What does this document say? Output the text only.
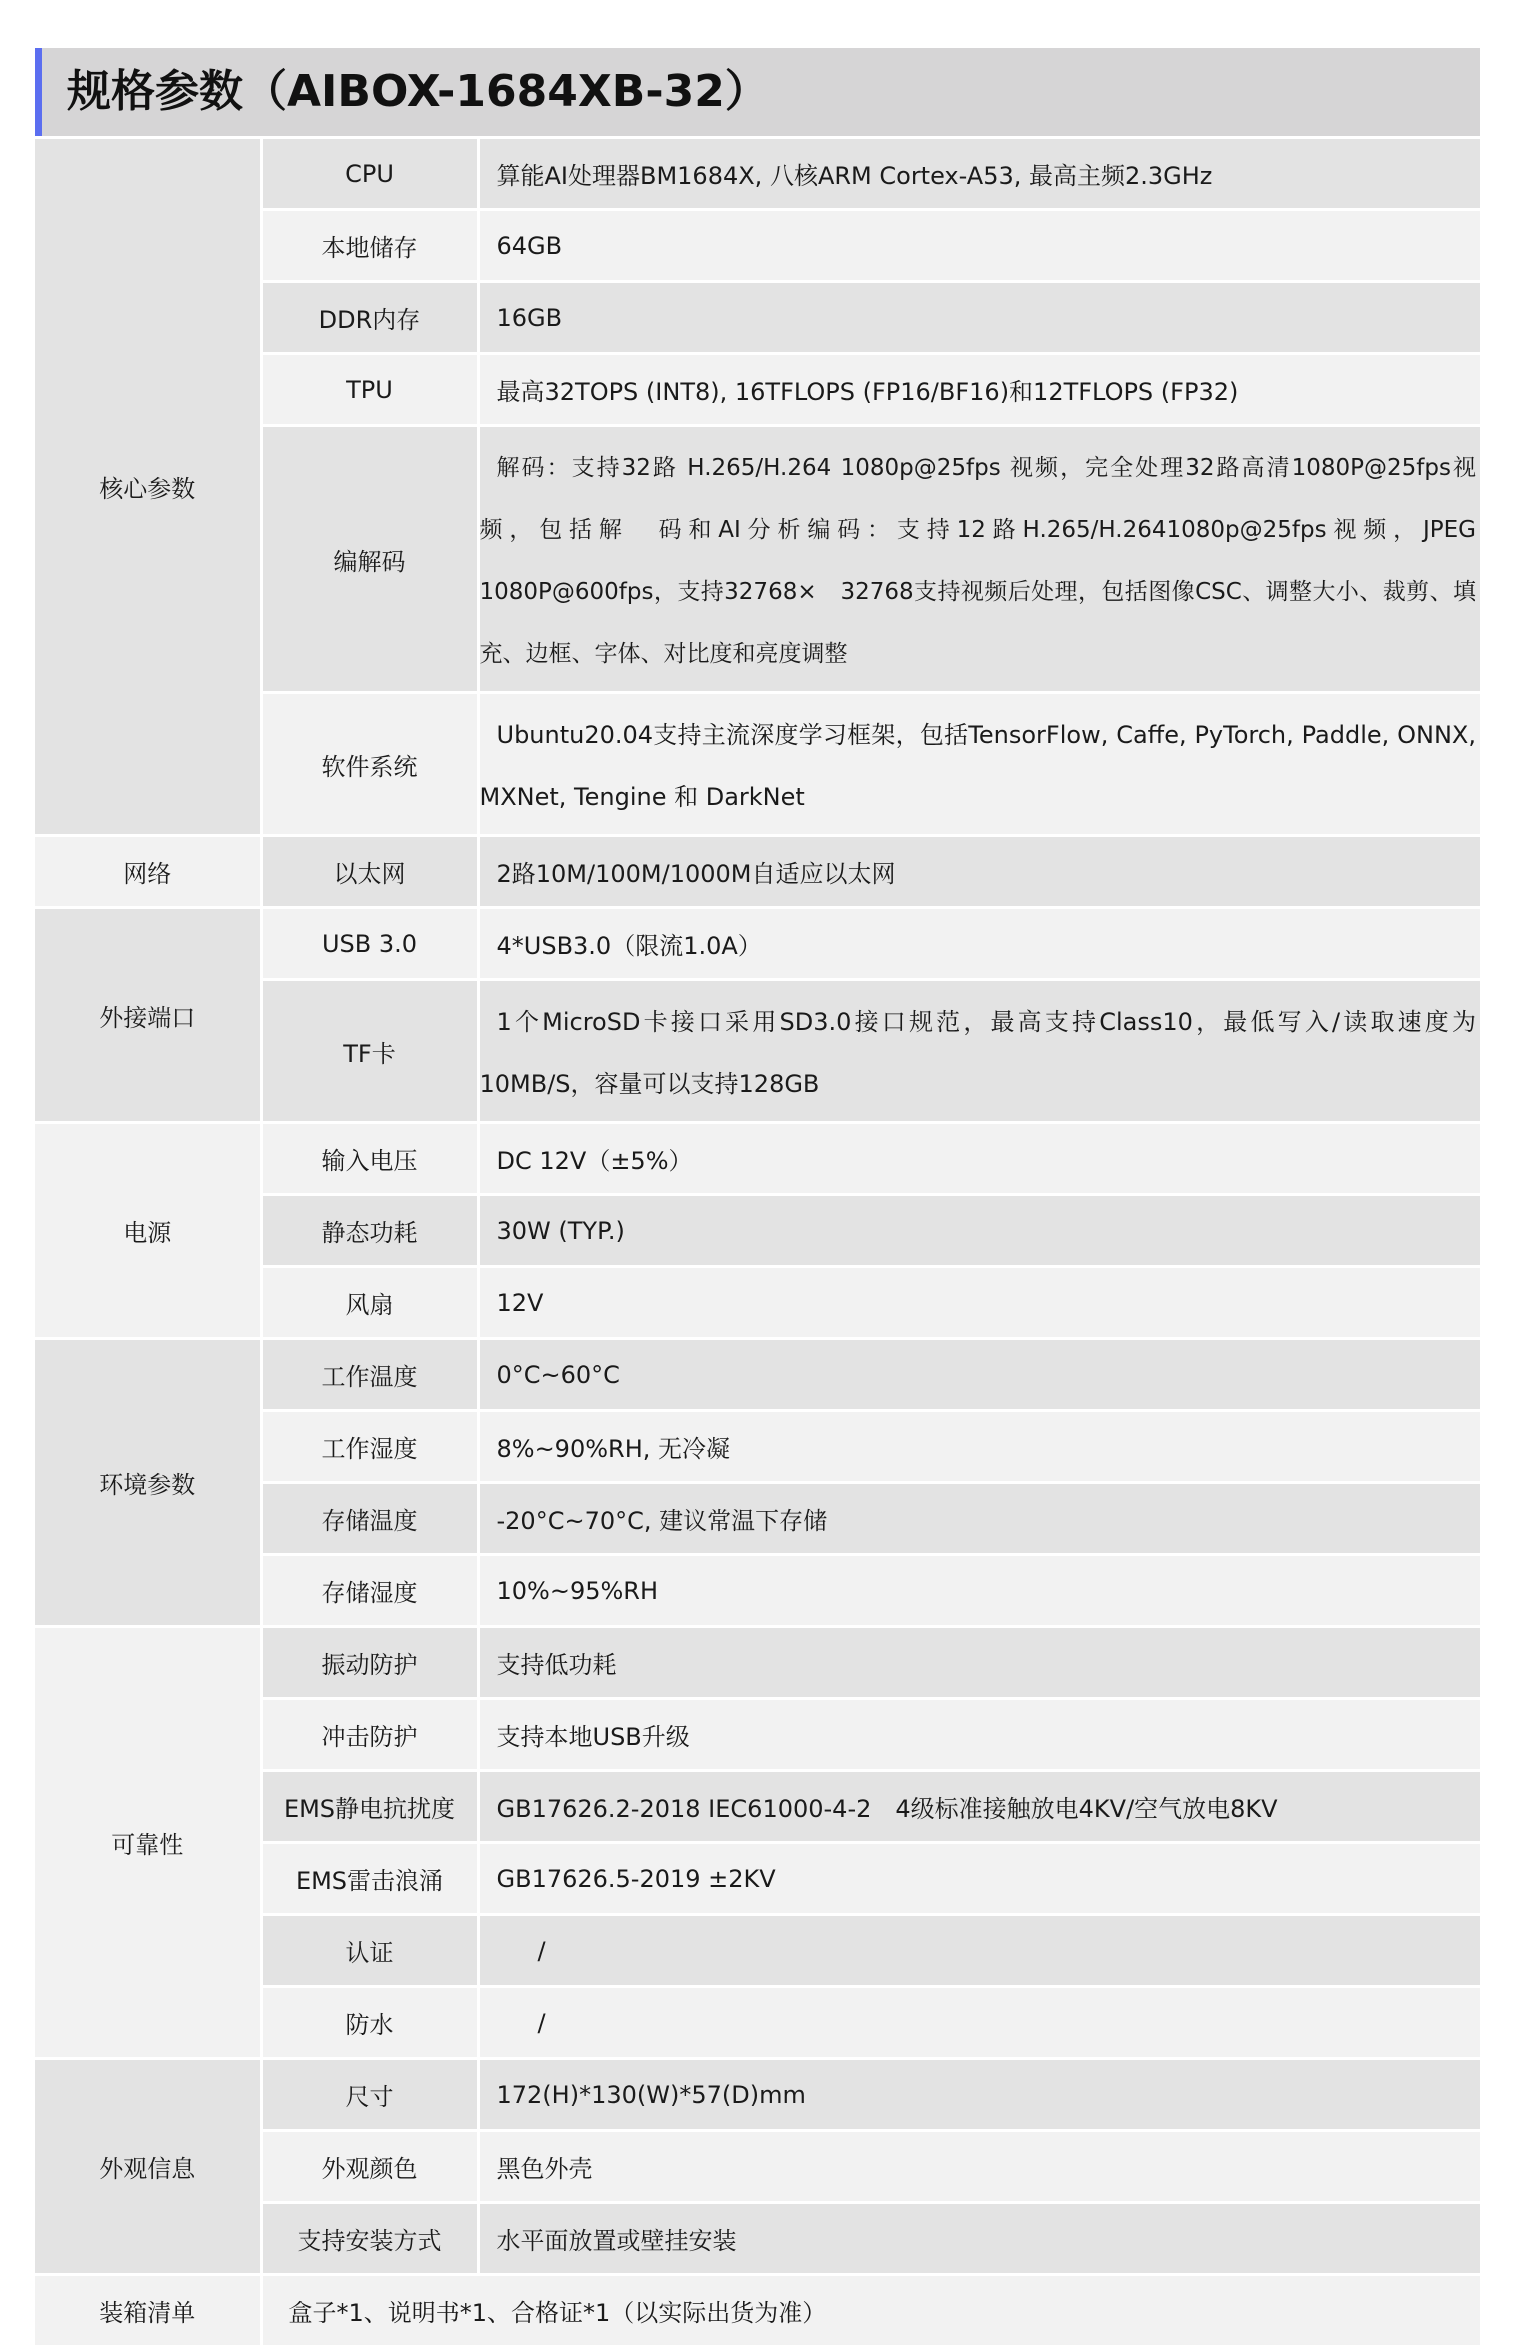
规格参数（AIBOX-1684XB-32）
核心参数	CPU	算能AI处理器BM1684X, 八核ARM Cortex-A53, 最高主频2.3GHz
	本地储存	64GB
	DDR内存	16GB
	TPU	最高32TOPS (INT8), 16TFLOPS (FP16/BF16)和12TFLOPS (FP32)
	编解码	解码：支持32路 H.265/H.264 1080p@25fps 视频，完全处理32路高清1080P@25fps视频，包括解　码和AI分析编码：支持12路H.265/H.2641080p@25fps视频，JPEG 1080P@600fps，支持32768×　32768支持视频后处理，包括图像CSC、调整大小、裁剪、填充、边框、字体、对比度和亮度调整
	软件系统	Ubuntu20.04支持主流深度学习框架，包括TensorFlow, Caffe, PyTorch, Paddle, ONNX, MXNet, Tengine 和 DarkNet
网络	以太网	2路10M/100M/1000M自适应以太网
外接端口	USB 3.0	4*USB3.0（限流1.0A）
	TF卡	1个MicroSD卡接口采用SD3.0接口规范，最高支持Class10，最低写入/读取速度为10MB/S，容量可以支持128GB
电源	输入电压	DC 12V（±5%）
	静态功耗	30W (TYP.)
	风扇	12V
环境参数	工作温度	0°C~60°C
	工作湿度	8%~90%RH, 无冷凝
	存储温度	-20°C~70°C, 建议常温下存储
	存储湿度	10%~95%RH
可靠性	振动防护	支持低功耗
	冲击防护	支持本地USB升级
	EMS静电抗扰度	GB17626.2-2018 IEC61000-4-2　4级标准接触放电4KV/空气放电8KV
	EMS雷击浪涌	GB17626.5-2019 ±2KV
	认证	/
	防水	/
外观信息	尺寸	172(H)*130(W)*57(D)mm
	外观颜色	黑色外壳
	支持安装方式	水平面放置或壁挂安装
装箱清单	盒子*1、说明书*1、合格证*1（以实际出货为准）	
